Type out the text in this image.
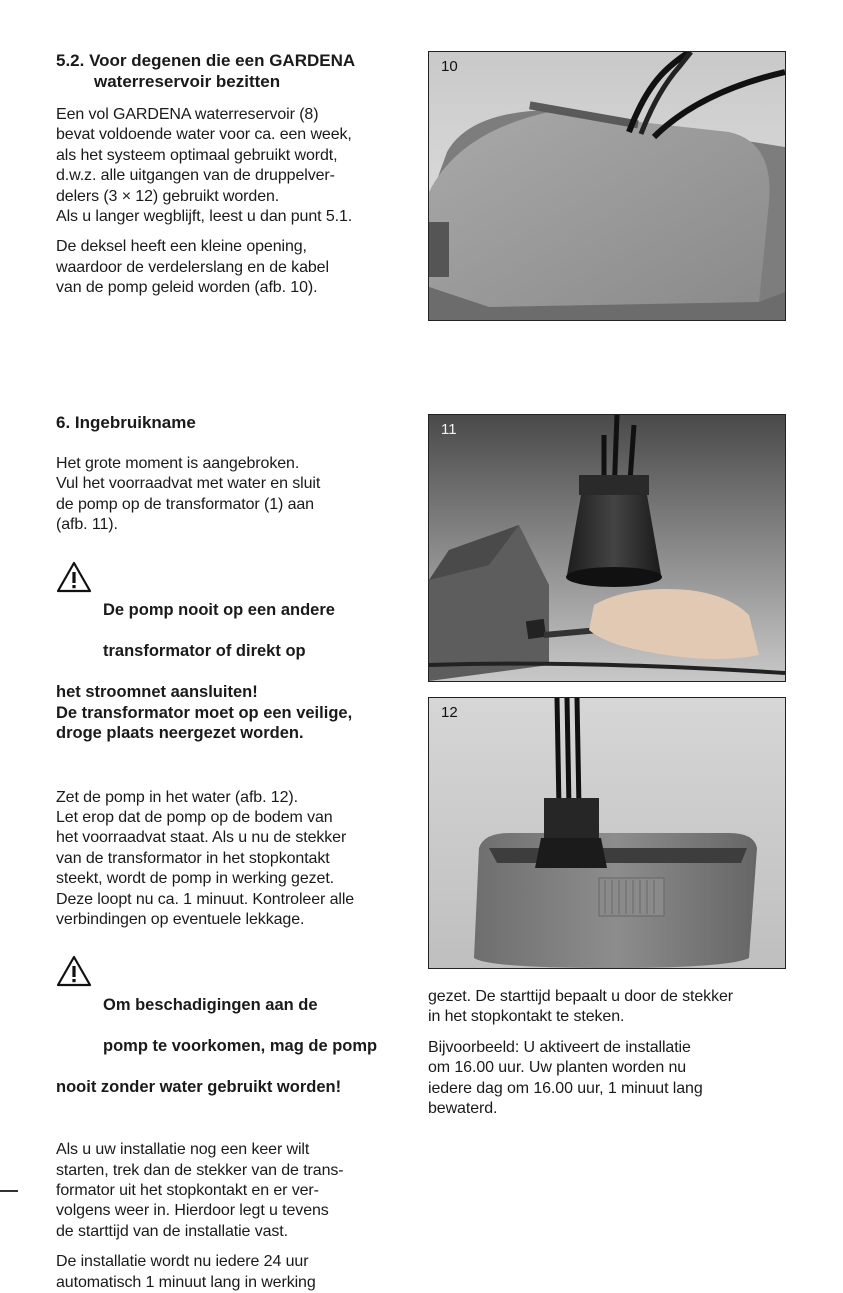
5.2. Voor degenen die een GARDENA
waterreservoir bezitten

Een vol GARDENA waterreservoir (8)
bevat voldoende water voor ca. een week,
als het systeem optimaal gebruikt wordt,
d.w.z. alle uitgangen van de druppelver-
delers (3 × 12) gebruikt worden.
Als u langer wegblijft, leest u dan punt 5.1.

De deksel heeft een kleine opening,
waardoor de verdelerslang en de kabel
van de pomp geleid worden (afb. 10).

6. Ingebruikname

Het grote moment is aangebroken.
Vul het voorraadvat met water en sluit
de pomp op de transformator (1) aan
(afb. 11).

De pomp nooit op een andere

transformator of direkt op

het stroomnet aansluiten!
De transformator moet op een veilige,
droge plaats neergezet worden.

Zet de pomp in het water (afb. 12).
Let erop dat de pomp op de bodem van
het voorraadvat staat. Als u nu de stekker
van de transformator in het stopkontakt
steekt, wordt de pomp in werking gezet.
Deze loopt nu ca. 1 minuut. Kontroleer alle
verbindingen op eventuele lekkage.

Om beschadigingen aan de

pomp te voorkomen, mag de pomp

nooit zonder water gebruikt worden!

Als u uw installatie nog een keer wilt
starten, trek dan de stekker van de trans-
formator uit het stopkontakt en er ver-
volgens weer in. Hierdoor legt u tevens
de starttijd van de installatie vast.

De installatie wordt nu iedere 24 uur
automatisch 1 minuut lang in werking

gezet. De starttijd bepaalt u door de stekker
in het stopkontakt te steken.

Bijvoorbeeld: U aktiveert de installatie
om 16.00 uur. Uw planten worden nu
iedere dag om 16.00 uur, 1 minuut lang
bewaterd.

10
11
12
